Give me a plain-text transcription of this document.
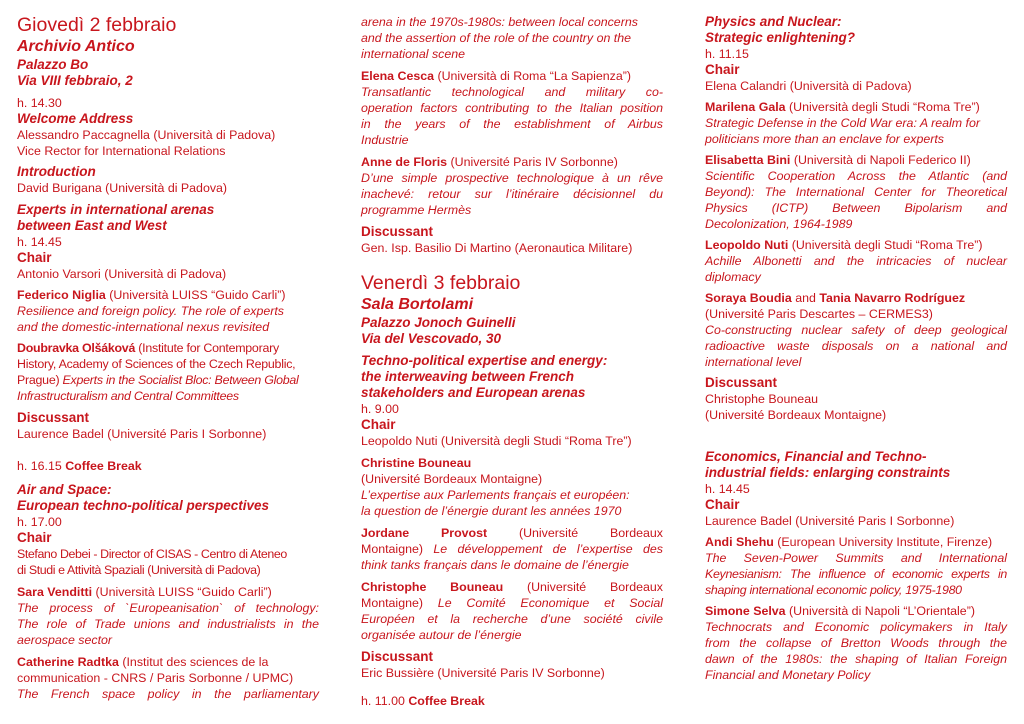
Giovedì 2 febbraio

Archivio Antico

Palazzo Bo

Via VIII febbraio, 2

h. 14.30

Welcome Address

Alessandro Paccagnella (Università di Padova)

Vice Rector for International Relations

Introduction

David Burigana (Università di Padova)

Experts in international arenas

between East and West

h. 14.45

Chair

Antonio Varsori (Università di Padova)

Federico Niglia (Università LUISS “Guido Carli”)

Resilience and foreign policy. The role of experts

and the domestic-international nexus revisited

Doubravka Olšáková (Institute for Contemporary

History, Academy of Sciences of the Czech Republic,

Prague) Experts in the Socialist Bloc: Between Global

Infrastructuralism and Central Committees

Discussant

Laurence Badel (Université Paris I Sorbonne)

h. 16.15 Coffee Break

Air and Space:

European techno-political perspectives

h. 17.00

Chair

Stefano Debei - Director of CISAS - Centro di Ateneo

di Studi e Attività Spaziali (Università di Padova)

Sara Venditti (Università LUISS “Guido Carli”)

The process of `Europeanisation` of technology:

The role of Trade unions and industrialists in the

aerospace sector

Catherine Radtka (Institut des sciences de la

communication - CNRS / Paris Sorbonne / UPMC)

The French space policy in the parliamentary

arena in the 1970s-1980s: between local concerns

and the assertion of the role of the country on the

international scene

Elena Cesca (Università di Roma “La Sapienza”)

Transatlantic technological and military co-

operation factors contributing to the Italian position

in the years of the establishment of Airbus

Industrie

Anne de Floris (Université Paris IV Sorbonne)

D’une simple prospective technologique à un rêve

inachevé: retour sur l’itinéraire décisionnel du

programme Hermès

Discussant

Gen. Isp. Basilio Di Martino (Aeronautica Militare)

Venerdì 3 febbraio

Sala Bortolami

Palazzo Jonoch Guinelli

Via del Vescovado, 30

Techno-political expertise and energy:

the interweaving between French

stakeholders and European arenas

h. 9.00

Chair

Leopoldo Nuti (Università degli Studi “Roma Tre”)

Christine Bouneau

(Université Bordeaux Montaigne)

L’expertise aux Parlements français et européen:

la question de l’énergie durant les années 1970

Jordane Provost (Université Bordeaux

Montaigne) Le développement de l’expertise des

think tanks français dans le domaine de l’énergie

Christophe Bouneau (Université Bordeaux

Montaigne) Le Comité Economique et Social

Européen et la recherche d’une société civile

organisée autour de l’énergie

Discussant

Eric Bussière (Université Paris IV Sorbonne)

h. 11.00 Coffee Break

Physics and Nuclear:

Strategic enlightening?

h. 11.15

Chair

Elena Calandri (Università di Padova)

Marilena Gala (Università degli Studi “Roma Tre”)

Strategic Defense in the Cold War era: A realm for

politicians more than an enclave for experts

Elisabetta Bini (Università di Napoli Federico II)

Scientific Cooperation Across the Atlantic (and

Beyond): The International Center for Theoretical

Physics (ICTP) Between Bipolarism and

Decolonization, 1964-1989

Leopoldo Nuti (Università degli Studi “Roma Tre”)

Achille Albonetti and the intricacies of nuclear

diplomacy

Soraya Boudia and Tania Navarro Rodríguez

(Université Paris Descartes – CERMES3)

Co-constructing nuclear safety of deep geological

radioactive waste disposals on a national and

international level

Discussant

Christophe Bouneau

(Université Bordeaux Montaigne)

Economics, Financial and Techno-

industrial fields: enlarging constraints

h. 14.45

Chair

Laurence Badel (Université Paris I Sorbonne)

Andi Shehu (European University Institute, Firenze)

The Seven-Power Summits and International

Keynesianism: The influence of economic experts in

shaping international economic policy, 1975-1980

Simone Selva (Università di Napoli “L’Orientale”)

Technocrats and Economic policymakers in Italy

from the collapse of Bretton Woods through the

dawn of the 1980s: the shaping of Italian Foreign

Financial and Monetary Policy
